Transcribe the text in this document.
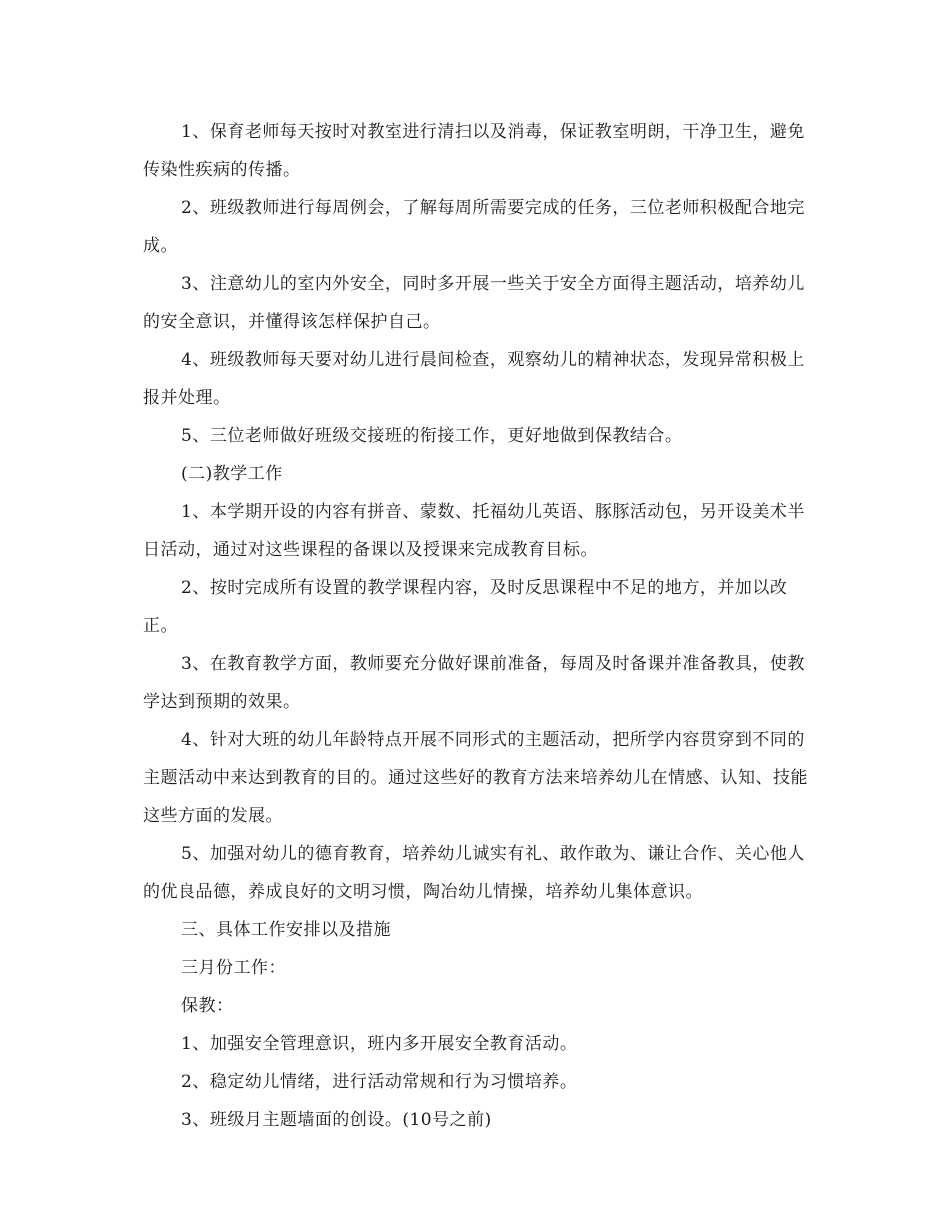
1、保育老师每天按时对教室进行清扫以及消毒，保证教室明朗，干净卫生，避免传染性疾病的传播。

2、班级教师进行每周例会，了解每周所需要完成的任务，三位老师积极配合地完成。

3、注意幼儿的室内外安全，同时多开展一些关于安全方面得主题活动，培养幼儿的安全意识，并懂得该怎样保护自己。

4、班级教师每天要对幼儿进行晨间检查，观察幼儿的精神状态，发现异常积极上报并处理。

5、三位老师做好班级交接班的衔接工作，更好地做到保教结合。

(二)教学工作

1、本学期开设的内容有拼音、蒙数、托福幼儿英语、豚豚活动包，另开设美术半日活动，通过对这些课程的备课以及授课来完成教育目标。

2、按时完成所有设置的教学课程内容，及时反思课程中不足的地方，并加以改正。

3、在教育教学方面，教师要充分做好课前准备，每周及时备课并准备教具，使教学达到预期的效果。

4、针对大班的幼儿年龄特点开展不同形式的主题活动，把所学内容贯穿到不同的主题活动中来达到教育的目的。通过这些好的教育方法来培养幼儿在情感、认知、技能这些方面的发展。

5、加强对幼儿的德育教育，培养幼儿诚实有礼、敢作敢为、谦让合作、关心他人的优良品德，养成良好的文明习惯，陶冶幼儿情操，培养幼儿集体意识。

三、具体工作安排以及措施

三月份工作：

保教：

1、加强安全管理意识，班内多开展安全教育活动。

2、稳定幼儿情绪，进行活动常规和行为习惯培养。

3、班级月主题墙面的创设。(10号之前)
